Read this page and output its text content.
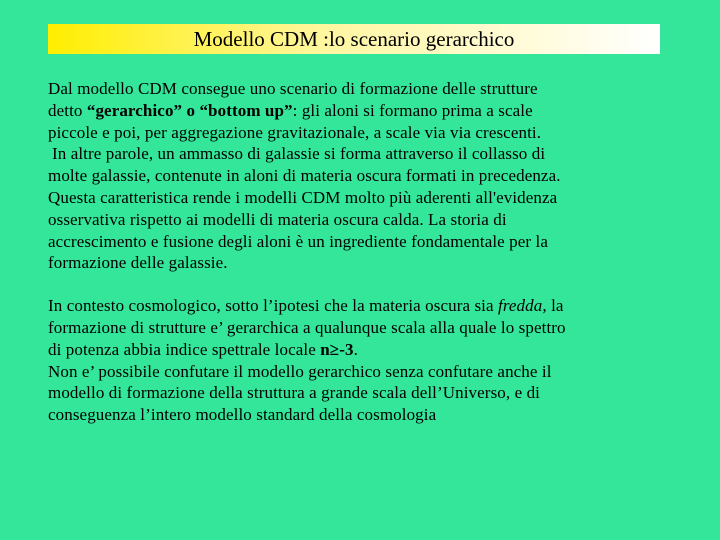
Modello CDM :lo scenario gerarchico

Dal modello CDM consegue uno scenario di formazione delle strutture
detto “gerarchico” o “bottom up”: gli aloni si formano prima a scale
piccole e poi, per aggregazione gravitazionale, a scale via via crescenti.

In altre parole, un ammasso di galassie si forma attraverso il collasso di

molte galassie, contenute in aloni di materia oscura formati in precedenza.

Questa caratteristica rende i modelli CDM molto più aderenti all'evidenza
osservativa rispetto ai modelli di materia oscura calda. La storia di
accrescimento e fusione degli aloni è un ingrediente fondamentale per la
formazione delle galassie.

In contesto cosmologico, sotto l’ipotesi che la materia oscura sia fredda, la
formazione di strutture e’ gerarchica a qualunque scala alla quale lo spettro
di potenza abbia indice spettrale locale n≥-3.

Non e’ possibile confutare il modello gerarchico senza confutare anche il
modello di formazione della struttura a grande scala dell’Universo, e di
conseguenza l’intero modello standard della cosmologia
